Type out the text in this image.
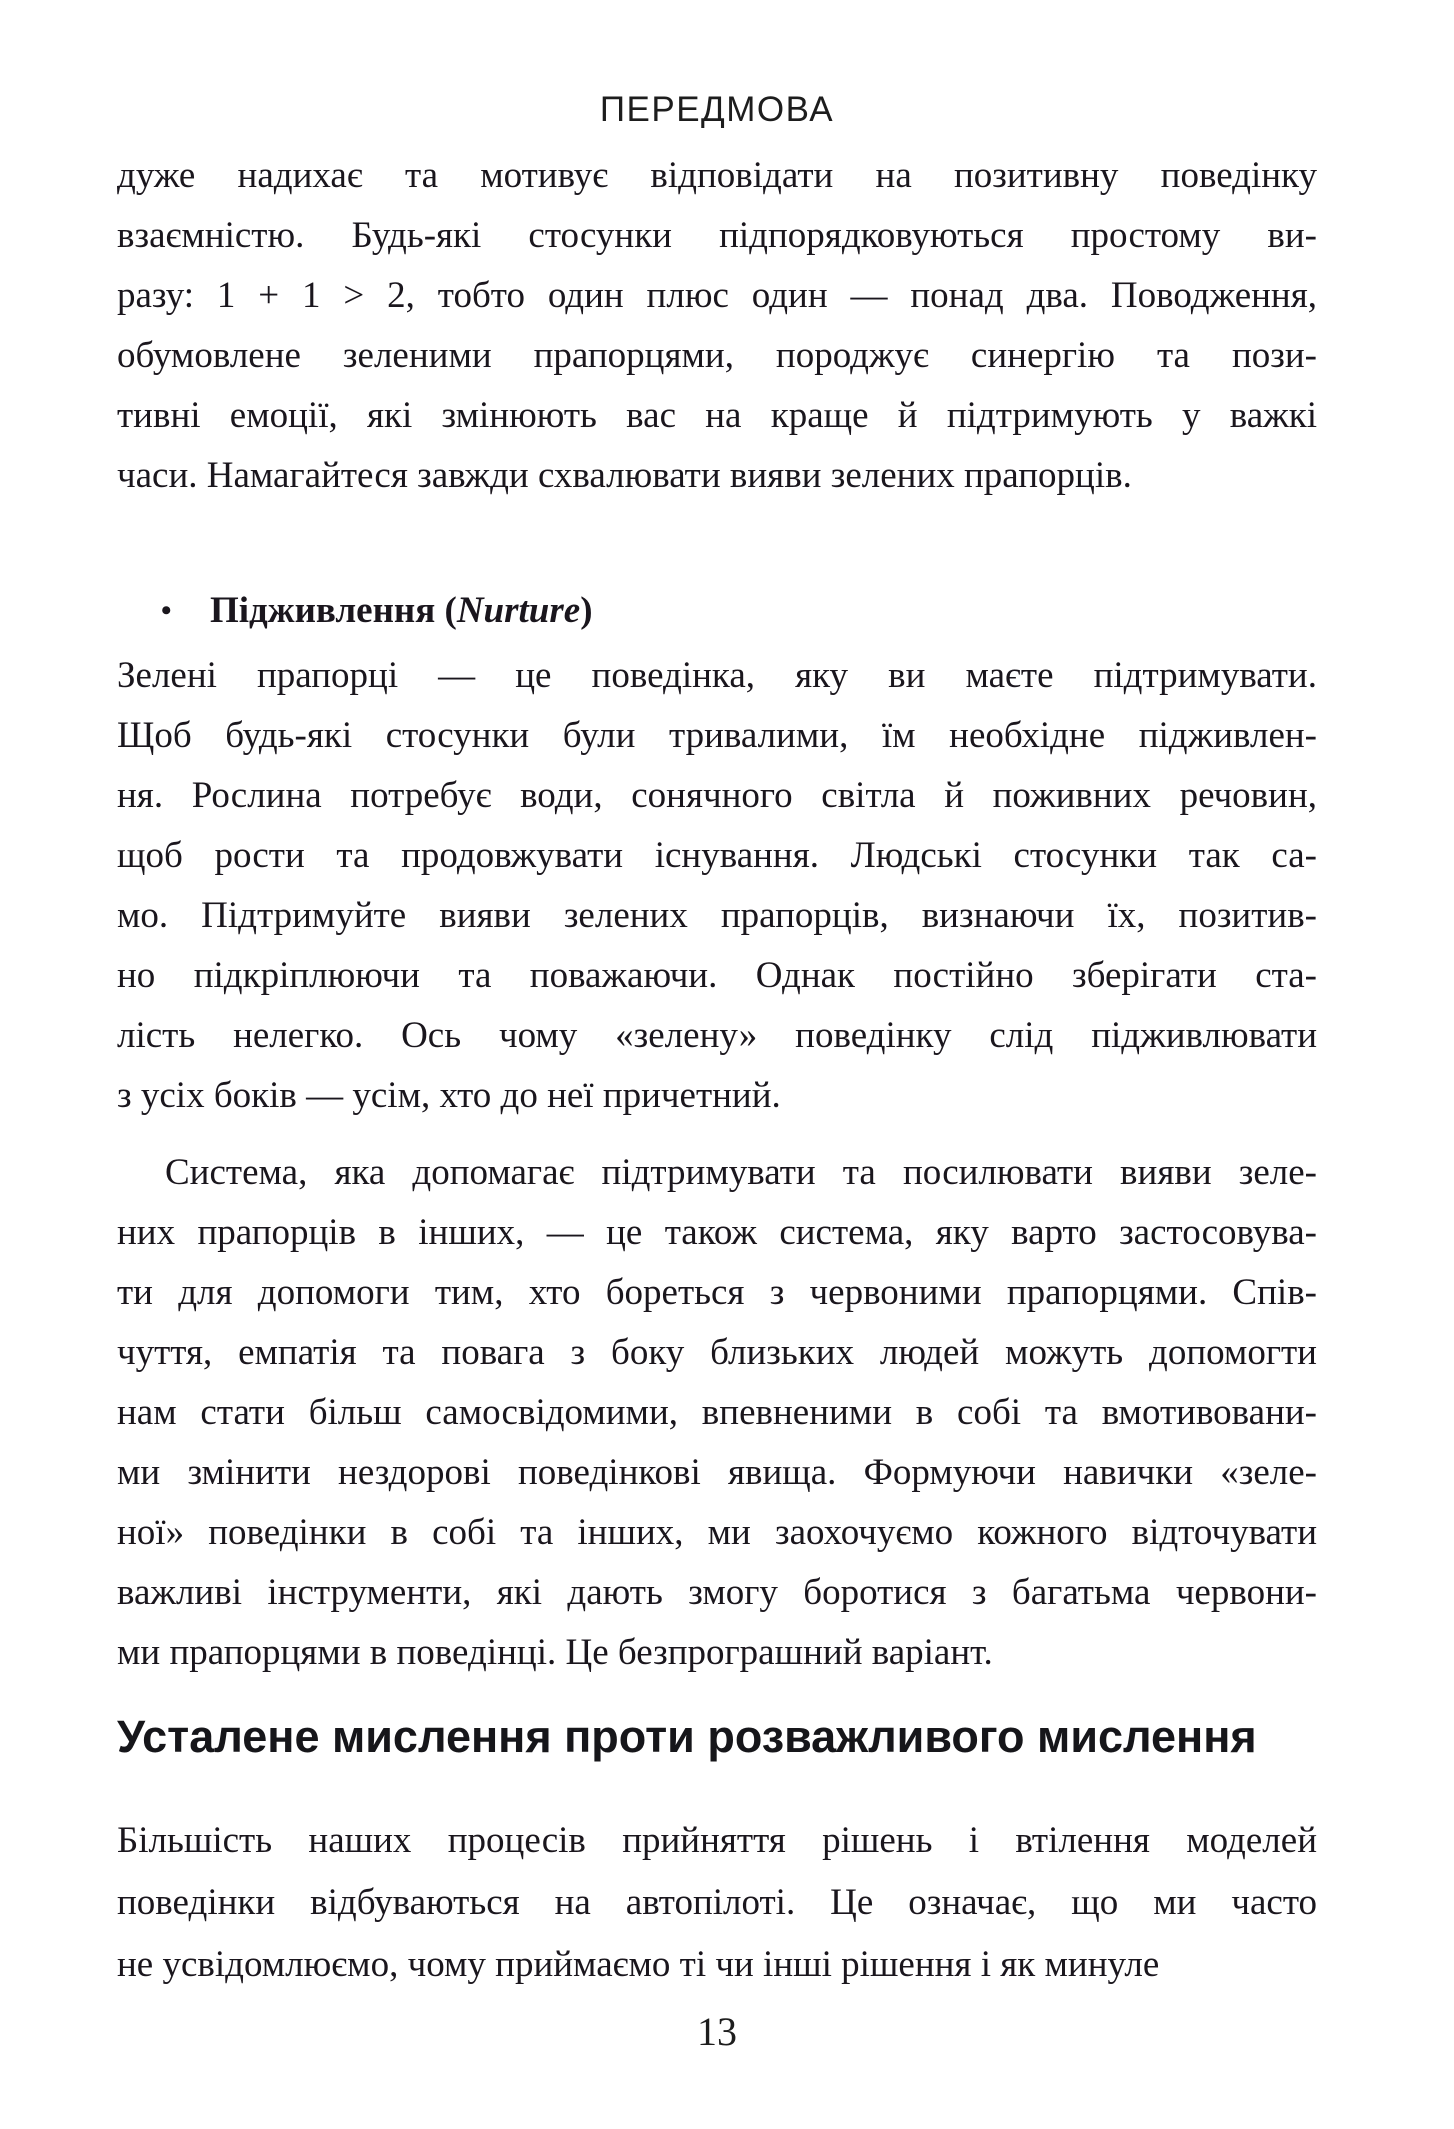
ПЕРЕДМОВА
дуже надихає та мотивує відповідати на позитивну поведінку
взаємністю. Будь-які стосунки підпорядковуються простому ви-
разу: 1 + 1 > 2, тобто один плюс один — понад два. Поводження,
обумовлене зеленими прапорцями, породжує синергію та пози-
тивні емоції, які змінюють вас на краще й підтримують у важкі
часи. Намагайтеся завжди схвалювати вияви зелених прапорців.
• Підживлення (Nurture)
Зелені прапорці — це поведінка, яку ви маєте підтримувати.
Щоб будь-які стосунки були тривалими, їм необхідне підживлен-
ня. Рослина потребує води, сонячного світла й поживних речовин,
щоб рости та продовжувати існування. Людські стосунки так са-
мо. Підтримуйте вияви зелених прапорців, визнаючи їх, позитив-
но підкріплюючи та поважаючи. Однак постійно зберігати ста-
лість нелегко. Ось чому «зелену» поведінку слід підживлювати
з усіх боків — усім, хто до неї причетний.
Система, яка допомагає підтримувати та посилювати вияви зеле-
них прапорців в інших, — це також система, яку варто застосовува-
ти для допомоги тим, хто бореться з червоними прапорцями. Спів-
чуття, емпатія та повага з боку близьких людей можуть допомогти
нам стати більш самосвідомими, впевненими в собі та вмотивовани-
ми змінити нездорові поведінкові явища. Формуючи навички «зеле-
ної» поведінки в собі та інших, ми заохочуємо кожного відточувати
важливі інструменти, які дають змогу боротися з багатьма червони-
ми прапорцями в поведінці. Це безпрограшний варіант.
Усталене мислення проти розважливого мислення
Більшість наших процесів прийняття рішень і втілення моделей
поведінки відбуваються на автопілоті. Це означає, що ми часто
не усвідомлюємо, чому приймаємо ті чи інші рішення і як минуле
13
